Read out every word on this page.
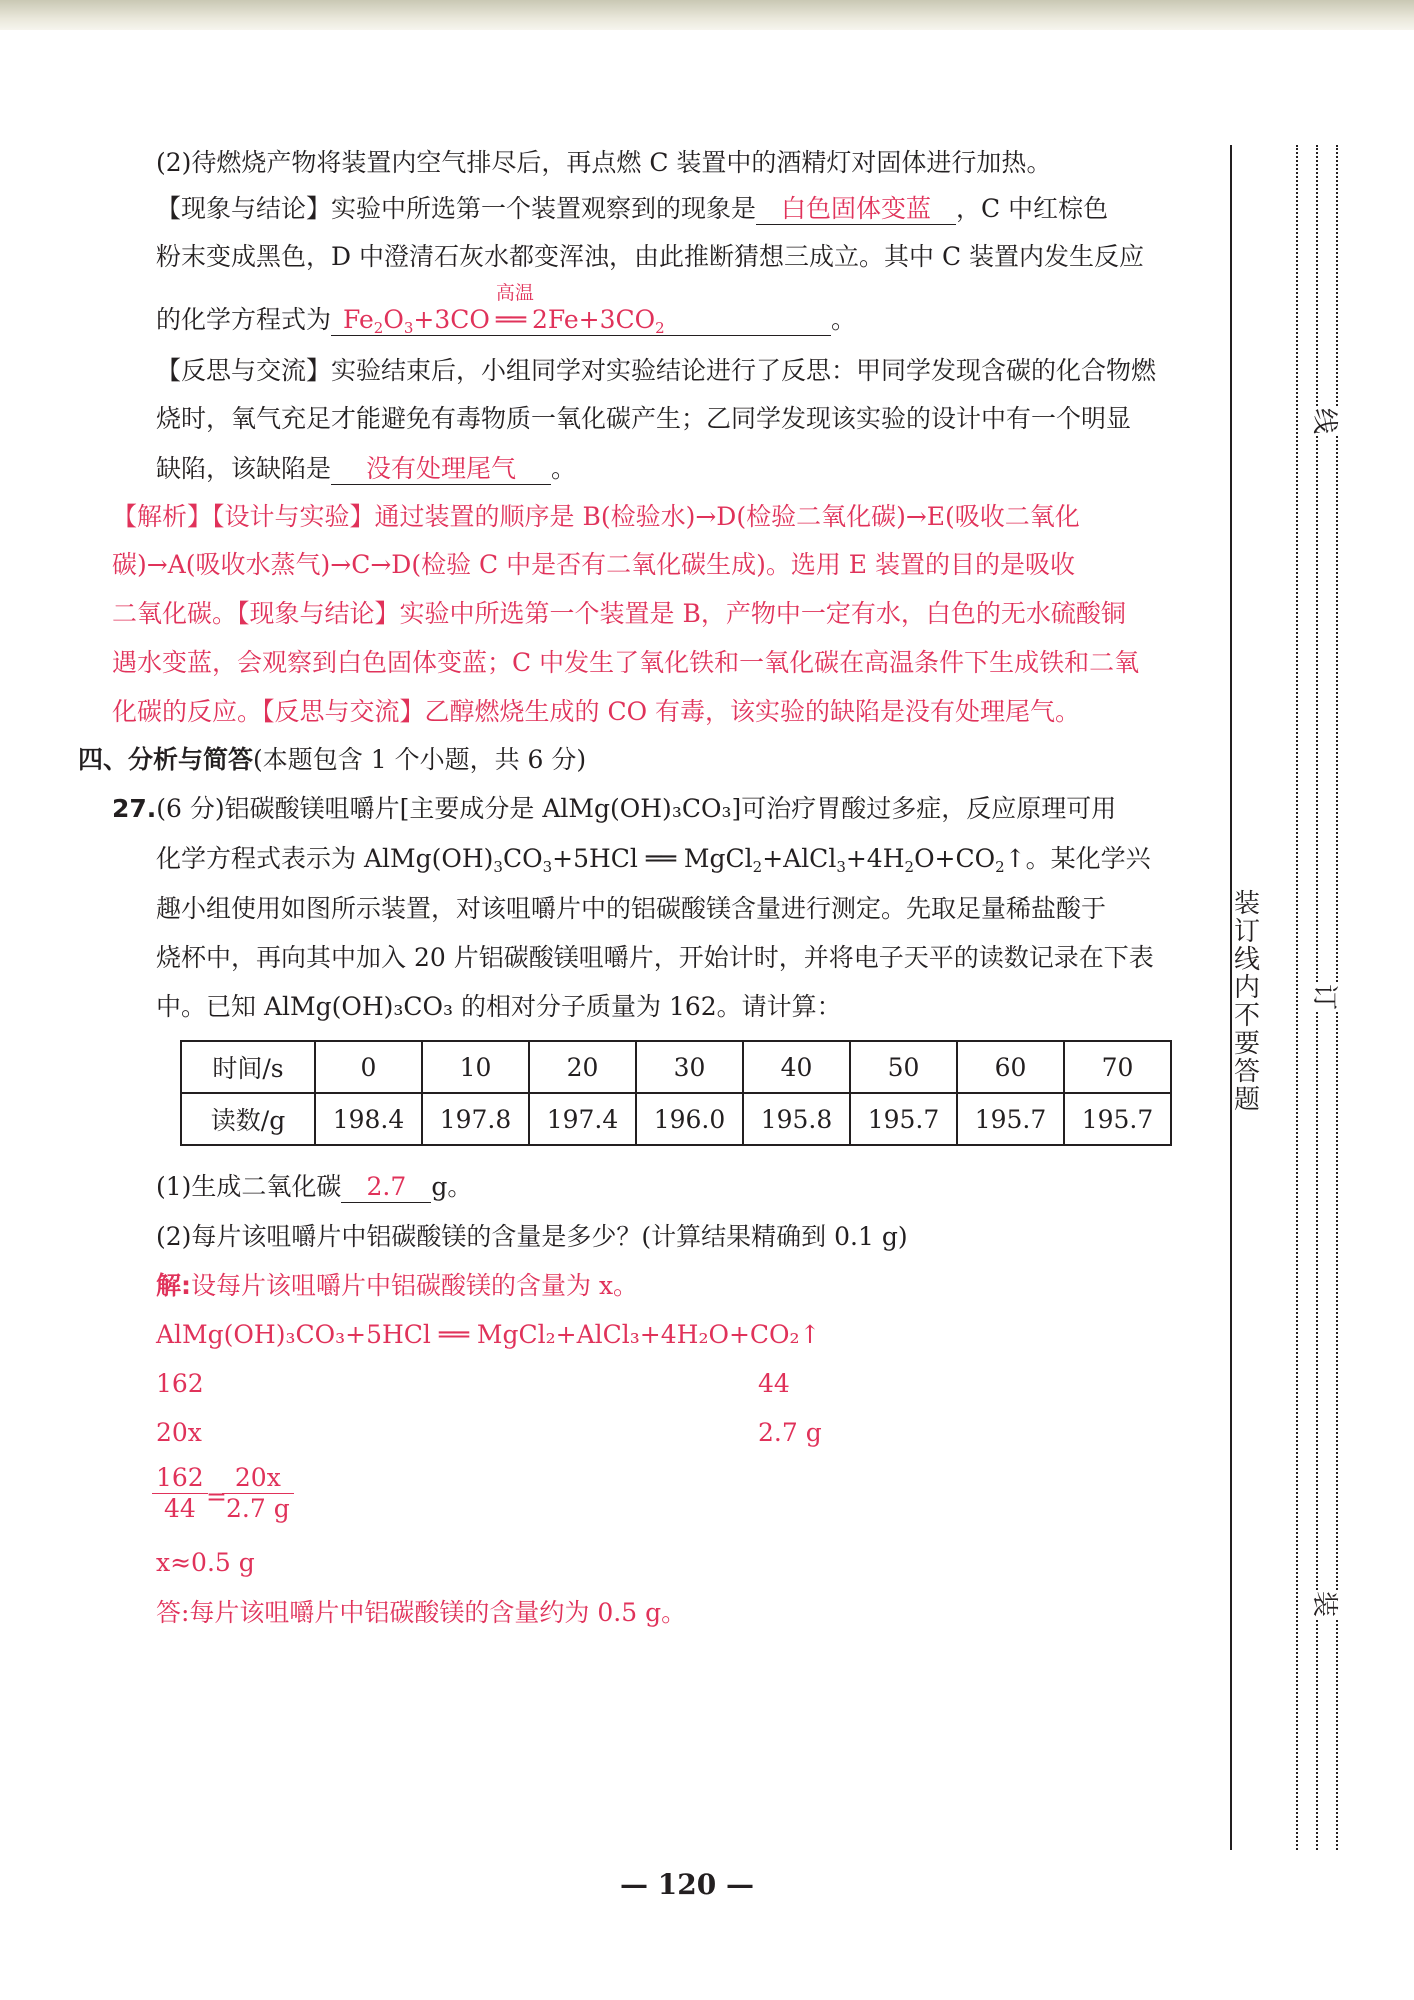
(2)待燃烧产物将装置内空气排尽后，再点燃 C 装置中的酒精灯对固体进行加热。
【现象与结论】实验中所选第一个装置观察到的现象是 白色固体变蓝 ，C 中红棕色
粉末变成黑色，D 中澄清石灰水都变浑浊，由此推断猜想三成立。其中 C 装置内发生反应
的化学方程式为 $Fe_2O_3+3CO$
高温
══ $2Fe+3CO_2$	。
【反思与交流】实验结束后，小组同学对实验结论进行了反思：甲同学发现含碳的化合物燃
烧时，氧气充足才能避免有毒物质一氧化碳产生；乙同学发现该实验的设计中有一个明显
缺陷，该缺陷是 没有处理尾气 。
【解析】【设计与实验】通过装置的顺序是 B(检验水)→D(检验二氧化碳)→E(吸收二氧化
碳)→A(吸收水蒸气)→C→D(检验 C 中是否有二氧化碳生成)。选用 E 装置的目的是吸收
二氧化碳。【现象与结论】实验中所选第一个装置是 B，产物中一定有水，白色的无水硫酸铜
遇水变蓝，会观察到白色固体变蓝；C 中发生了氧化铁和一氧化碳在高温条件下生成铁和二氧
化碳的反应。【反思与交流】乙醇燃烧生成的 CO 有毒，该实验的缺陷是没有处理尾气。
四、分析与简答(本题包含 1 个小题，共 6 分)
27.(6 分)铝碳酸镁咀嚼片[主要成分是 AlMg(OH)₃CO₃]可治疗胃酸过多症，反应原理可用
化学方程式表示为 $AlMg(OH)_3CO_3+5HCl$ ══ $MgCl_2+AlCl_3+4H_2O+CO_2↑$。某化学兴
趣小组使用如图所示装置，对该咀嚼片中的铝碳酸镁含量进行测定。先取足量稀盐酸于
烧杯中，再向其中加入 20 片铝碳酸镁咀嚼片，开始计时，并将电子天平的读数记录在下表
中。已知 AlMg(OH)₃CO₃ 的相对分子质量为 162。请计算：
时间/s	0	10	20	30	40	50	60	70
读数/g	198.4	197.8	197.4	196.0	195.8	195.7	195.7	195.7
(1)生成二氧化碳 2.7 g。
(2)每片该咀嚼片中铝碳酸镁的含量是多少？(计算结果精确到 0.1 g)
解:设每片该咀嚼片中铝碳酸镁的含量为 x。
AlMg(OH)₃CO₃+5HCl ══ MgCl₂+AlCl₃+4H₂O+CO₂↑
162	44
20x	2.7 g
$\frac{162}{44}$
=
$\frac{20x}{2.7 g}$
x≈0.5 g
答:每片该咀嚼片中铝碳酸镁的含量约为 0.5 g。
装订线内不要答题
线
订
装
— 120 —
